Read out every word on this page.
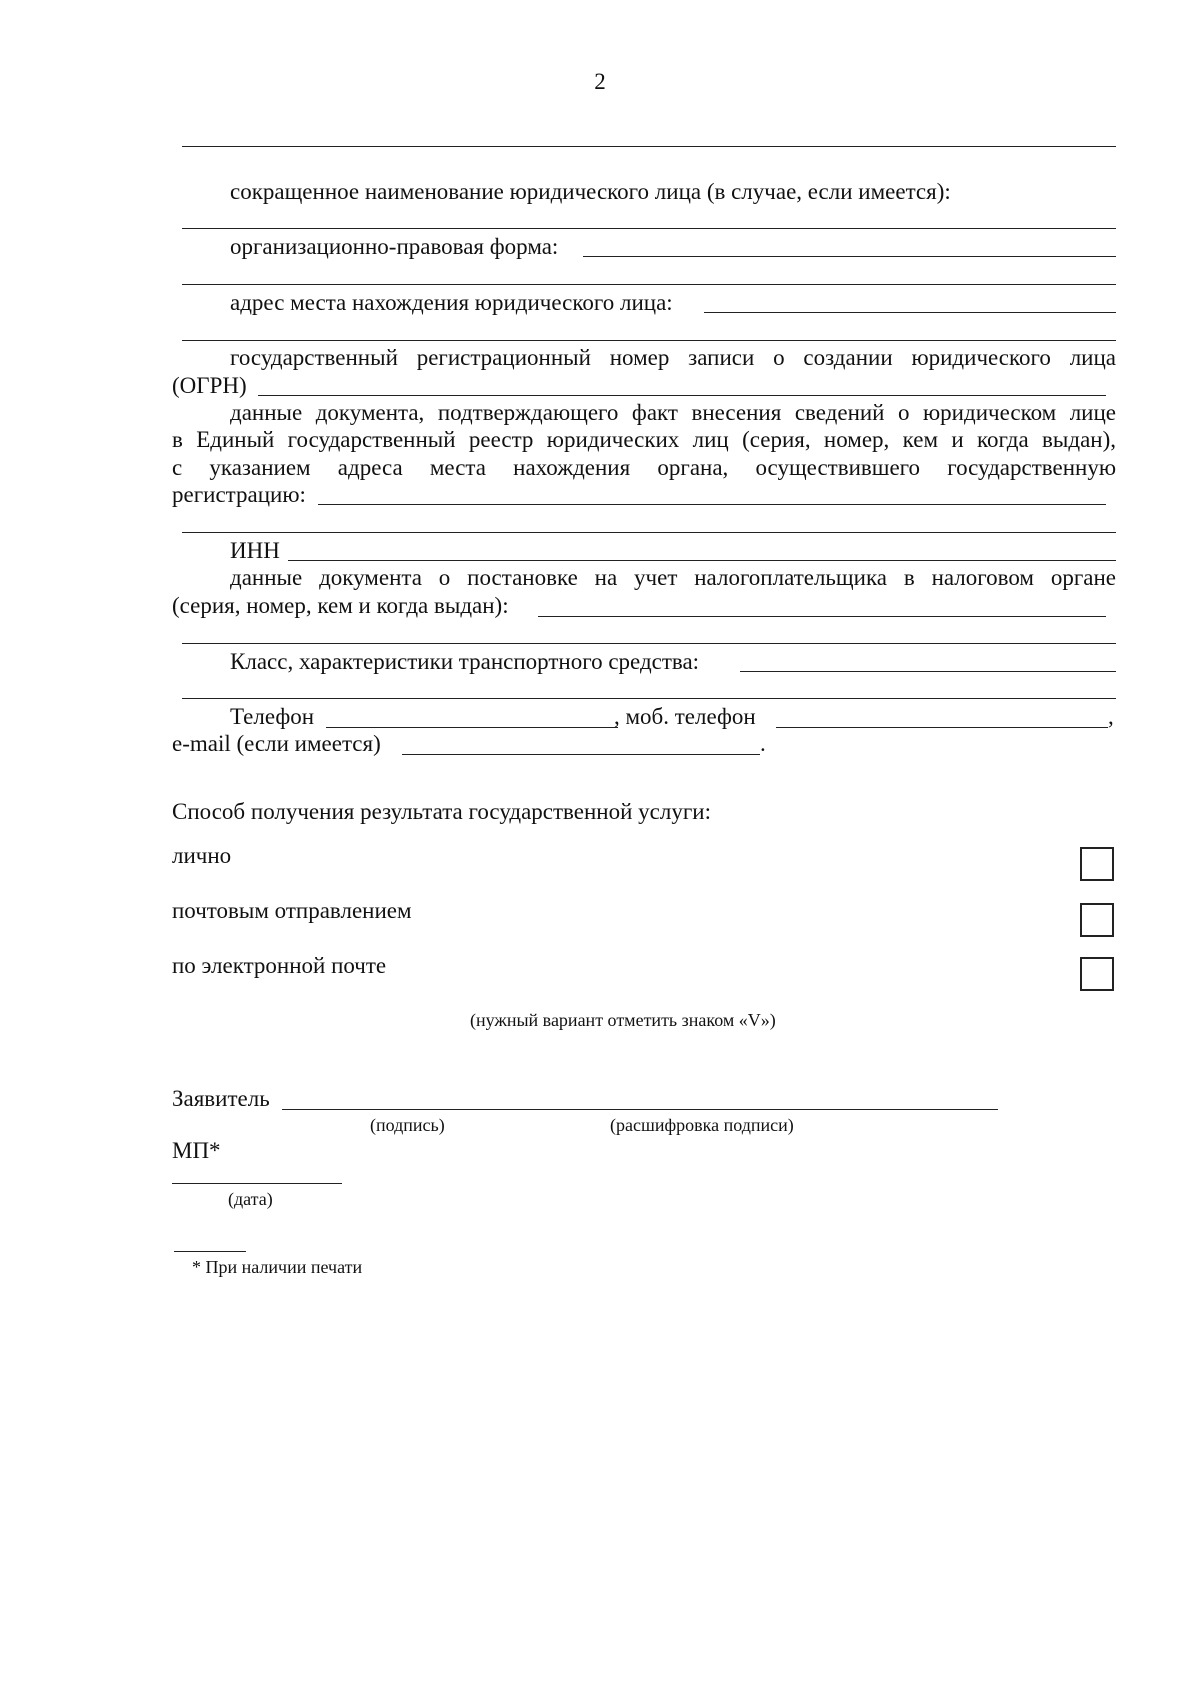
2
сокращенное наименование юридического лица (в случае, если имеется):
организационно-правовая форма:
адрес места нахождения юридического лица:
государственный регистрационный номер записи о создании юридического лица
(ОГРН)
данные документа, подтверждающего факт внесения сведений о юридическом лице
в Единый государственный реестр юридических лиц (серия, номер, кем и когда выдан),
с указанием адреса места нахождения органа, осуществившего государственную
регистрацию:
ИНН
данные документа о постановке на учет налогоплательщика в налоговом органе
(серия, номер, кем и когда выдан):
Класс, характеристики транспортного средства:
Телефон	, моб. телефон	,
e-mail (если имеется)	.
Способ получения результата государственной услуги:
лично
почтовым отправлением
по электронной почте
(нужный вариант отметить знаком «V»)
Заявитель
(подпись)	(расшифровка подписи)
МП*
(дата)
* При наличии печати
